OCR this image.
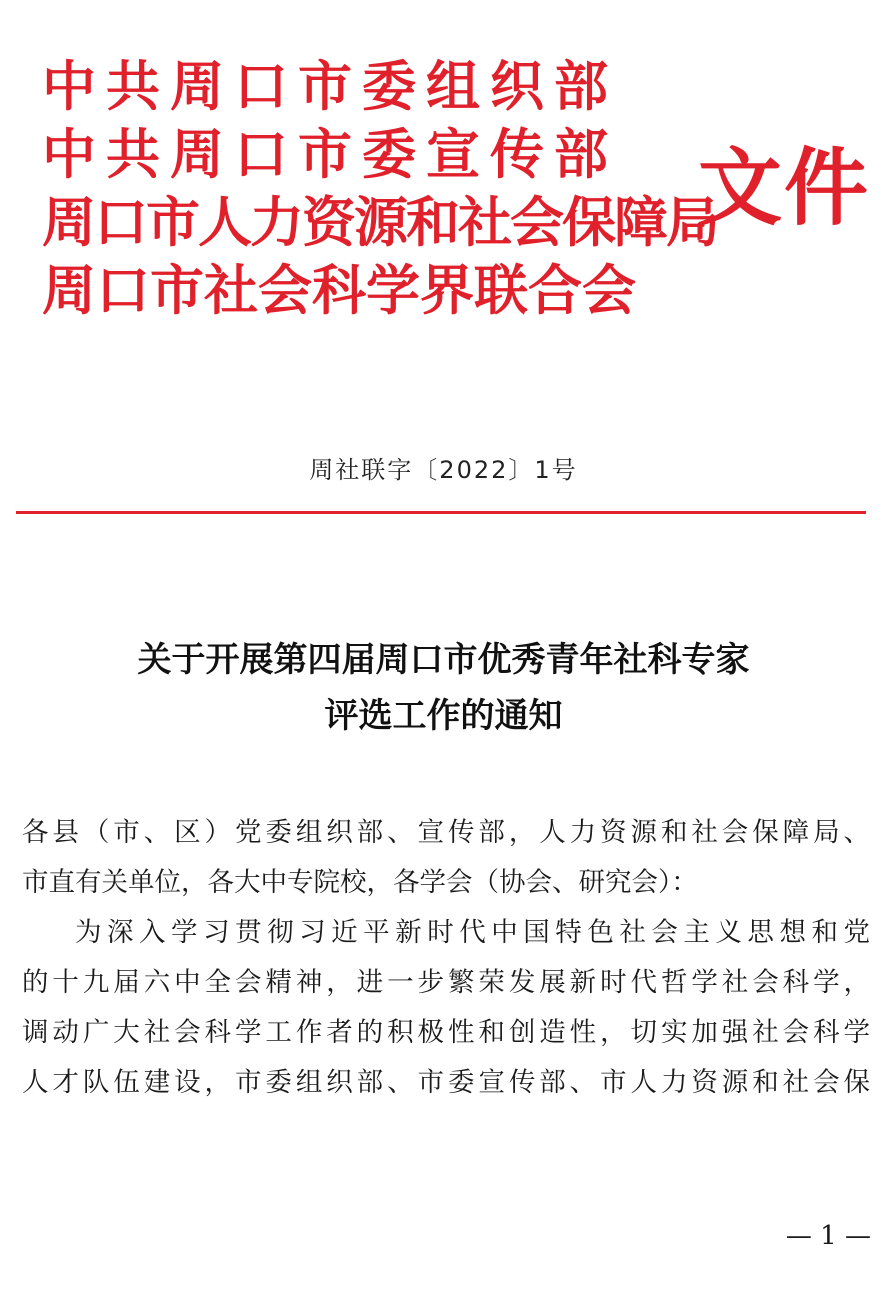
中共周口市委组织部
中共周口市委宣传部
周口市人力资源和社会保障局
周口市社会科学界联合会
文件
周社联字〔2022〕1号
关于开展第四届周口市优秀青年社科专家
评选工作的通知
各县（市、区）党委组织部、宣传部，人力资源和社会保障局、
市直有关单位，各大中专院校，各学会（协会、研究会）：
为深入学习贯彻习近平新时代中国特色社会主义思想和党
的十九届六中全会精神，进一步繁荣发展新时代哲学社会科学，
调动广大社会科学工作者的积极性和创造性，切实加强社会科学
人才队伍建设，市委组织部、市委宣传部、市人力资源和社会保
— 1 —
